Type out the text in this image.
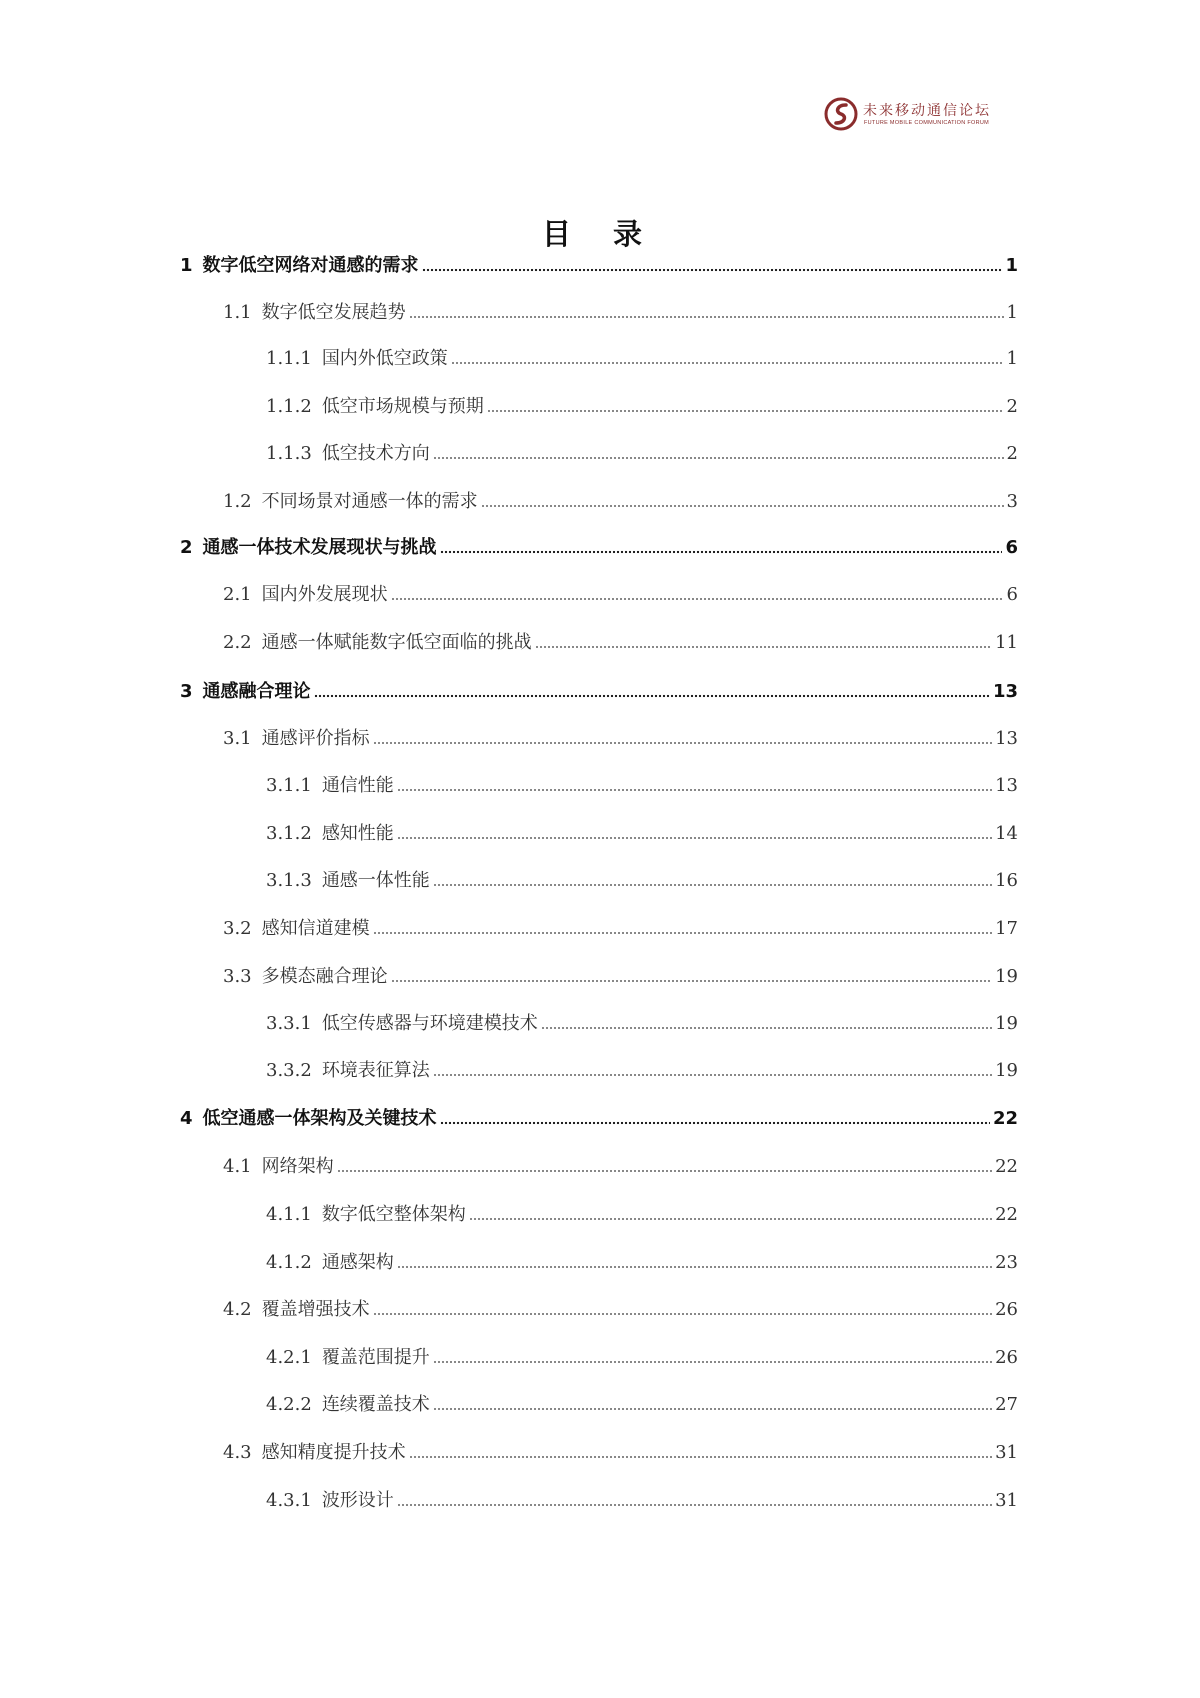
未来移动通信论坛
FUTURE MOBILE COMMUNICATION FORUM
目 录
1 数字低空网络对通感的需求	1
1.1 数字低空发展趋势	1
1.1.1 国内外低空政策	1
1.1.2 低空市场规模与预期	2
1.1.3 低空技术方向	2
1.2 不同场景对通感一体的需求	3
2 通感一体技术发展现状与挑战	6
2.1 国内外发展现状	6
2.2 通感一体赋能数字低空面临的挑战	11
3 通感融合理论	13
3.1 通感评价指标	13
3.1.1 通信性能	13
3.1.2 感知性能	14
3.1.3 通感一体性能	16
3.2 感知信道建模	17
3.3 多模态融合理论	19
3.3.1 低空传感器与环境建模技术	19
3.3.2 环境表征算法	19
4 低空通感一体架构及关键技术	22
4.1 网络架构	22
4.1.1 数字低空整体架构	22
4.1.2 通感架构	23
4.2 覆盖增强技术	26
4.2.1 覆盖范围提升	26
4.2.2 连续覆盖技术	27
4.3 感知精度提升技术	31
4.3.1 波形设计	31
